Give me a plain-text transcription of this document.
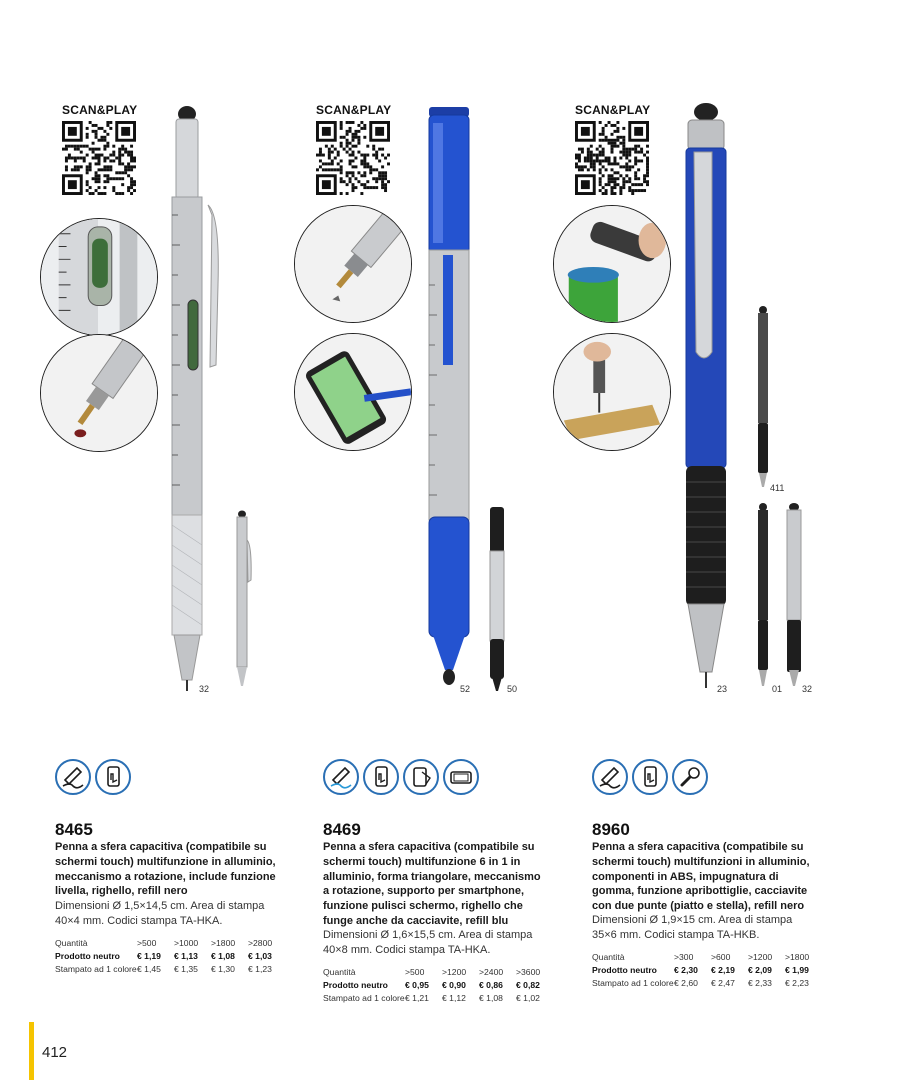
SCAN&PLAY
32
8465
Penna a sfera capacitiva (compatibile su schermi touch) multifunzione in alluminio, meccanismo a rotazione, include funzione livella, righello, refill nero
Dimensioni Ø 1,5×14,5 cm. Area di stampa 40×4 mm. Codici stampa TA-HKA.
Quantità	>500	>1000	>1800	>2800
Prodotto neutro	€ 1,19	€ 1,13	€ 1,08	€ 1,03
Stampato ad 1 colore	€ 1,45	€ 1,35	€ 1,30	€ 1,23
SCAN&PLAY
52	50
8469
Penna a sfera capacitiva (compatibile su schermi touch) multifunzione 6 in 1 in alluminio, forma triangolare, meccanismo a rotazione, supporto per smartphone, funzione pulisci schermo, righello che funge anche da cacciavite, refill blu
Dimensioni Ø 1,6×15,5 cm. Area di stampa 40×8 mm. Codici stampa TA-HKA.
Quantità	>500	>1200	>2400	>3600
Prodotto neutro	€ 0,95	€ 0,90	€ 0,86	€ 0,82
Stampato ad 1 colore	€ 1,21	€ 1,12	€ 1,08	€ 1,02
SCAN&PLAY
411
23	01 32
8960
Penna a sfera capacitiva (compatibile su schermi touch) multifunzioni in alluminio, componenti in ABS, impugnatura di gomma, funzione apribottiglie, cacciavite con due punte (piatto e stella), refill nero
Dimensioni Ø 1,9×15 cm. Area di stampa 35×6 mm. Codici stampa TA-HKB.
Quantità	>300	>600	>1200	>1800
Prodotto neutro	€ 2,30	€ 2,19	€ 2,09	€ 1,99
Stampato ad 1 colore	€ 2,60	€ 2,47	€ 2,33	€ 2,23
412
